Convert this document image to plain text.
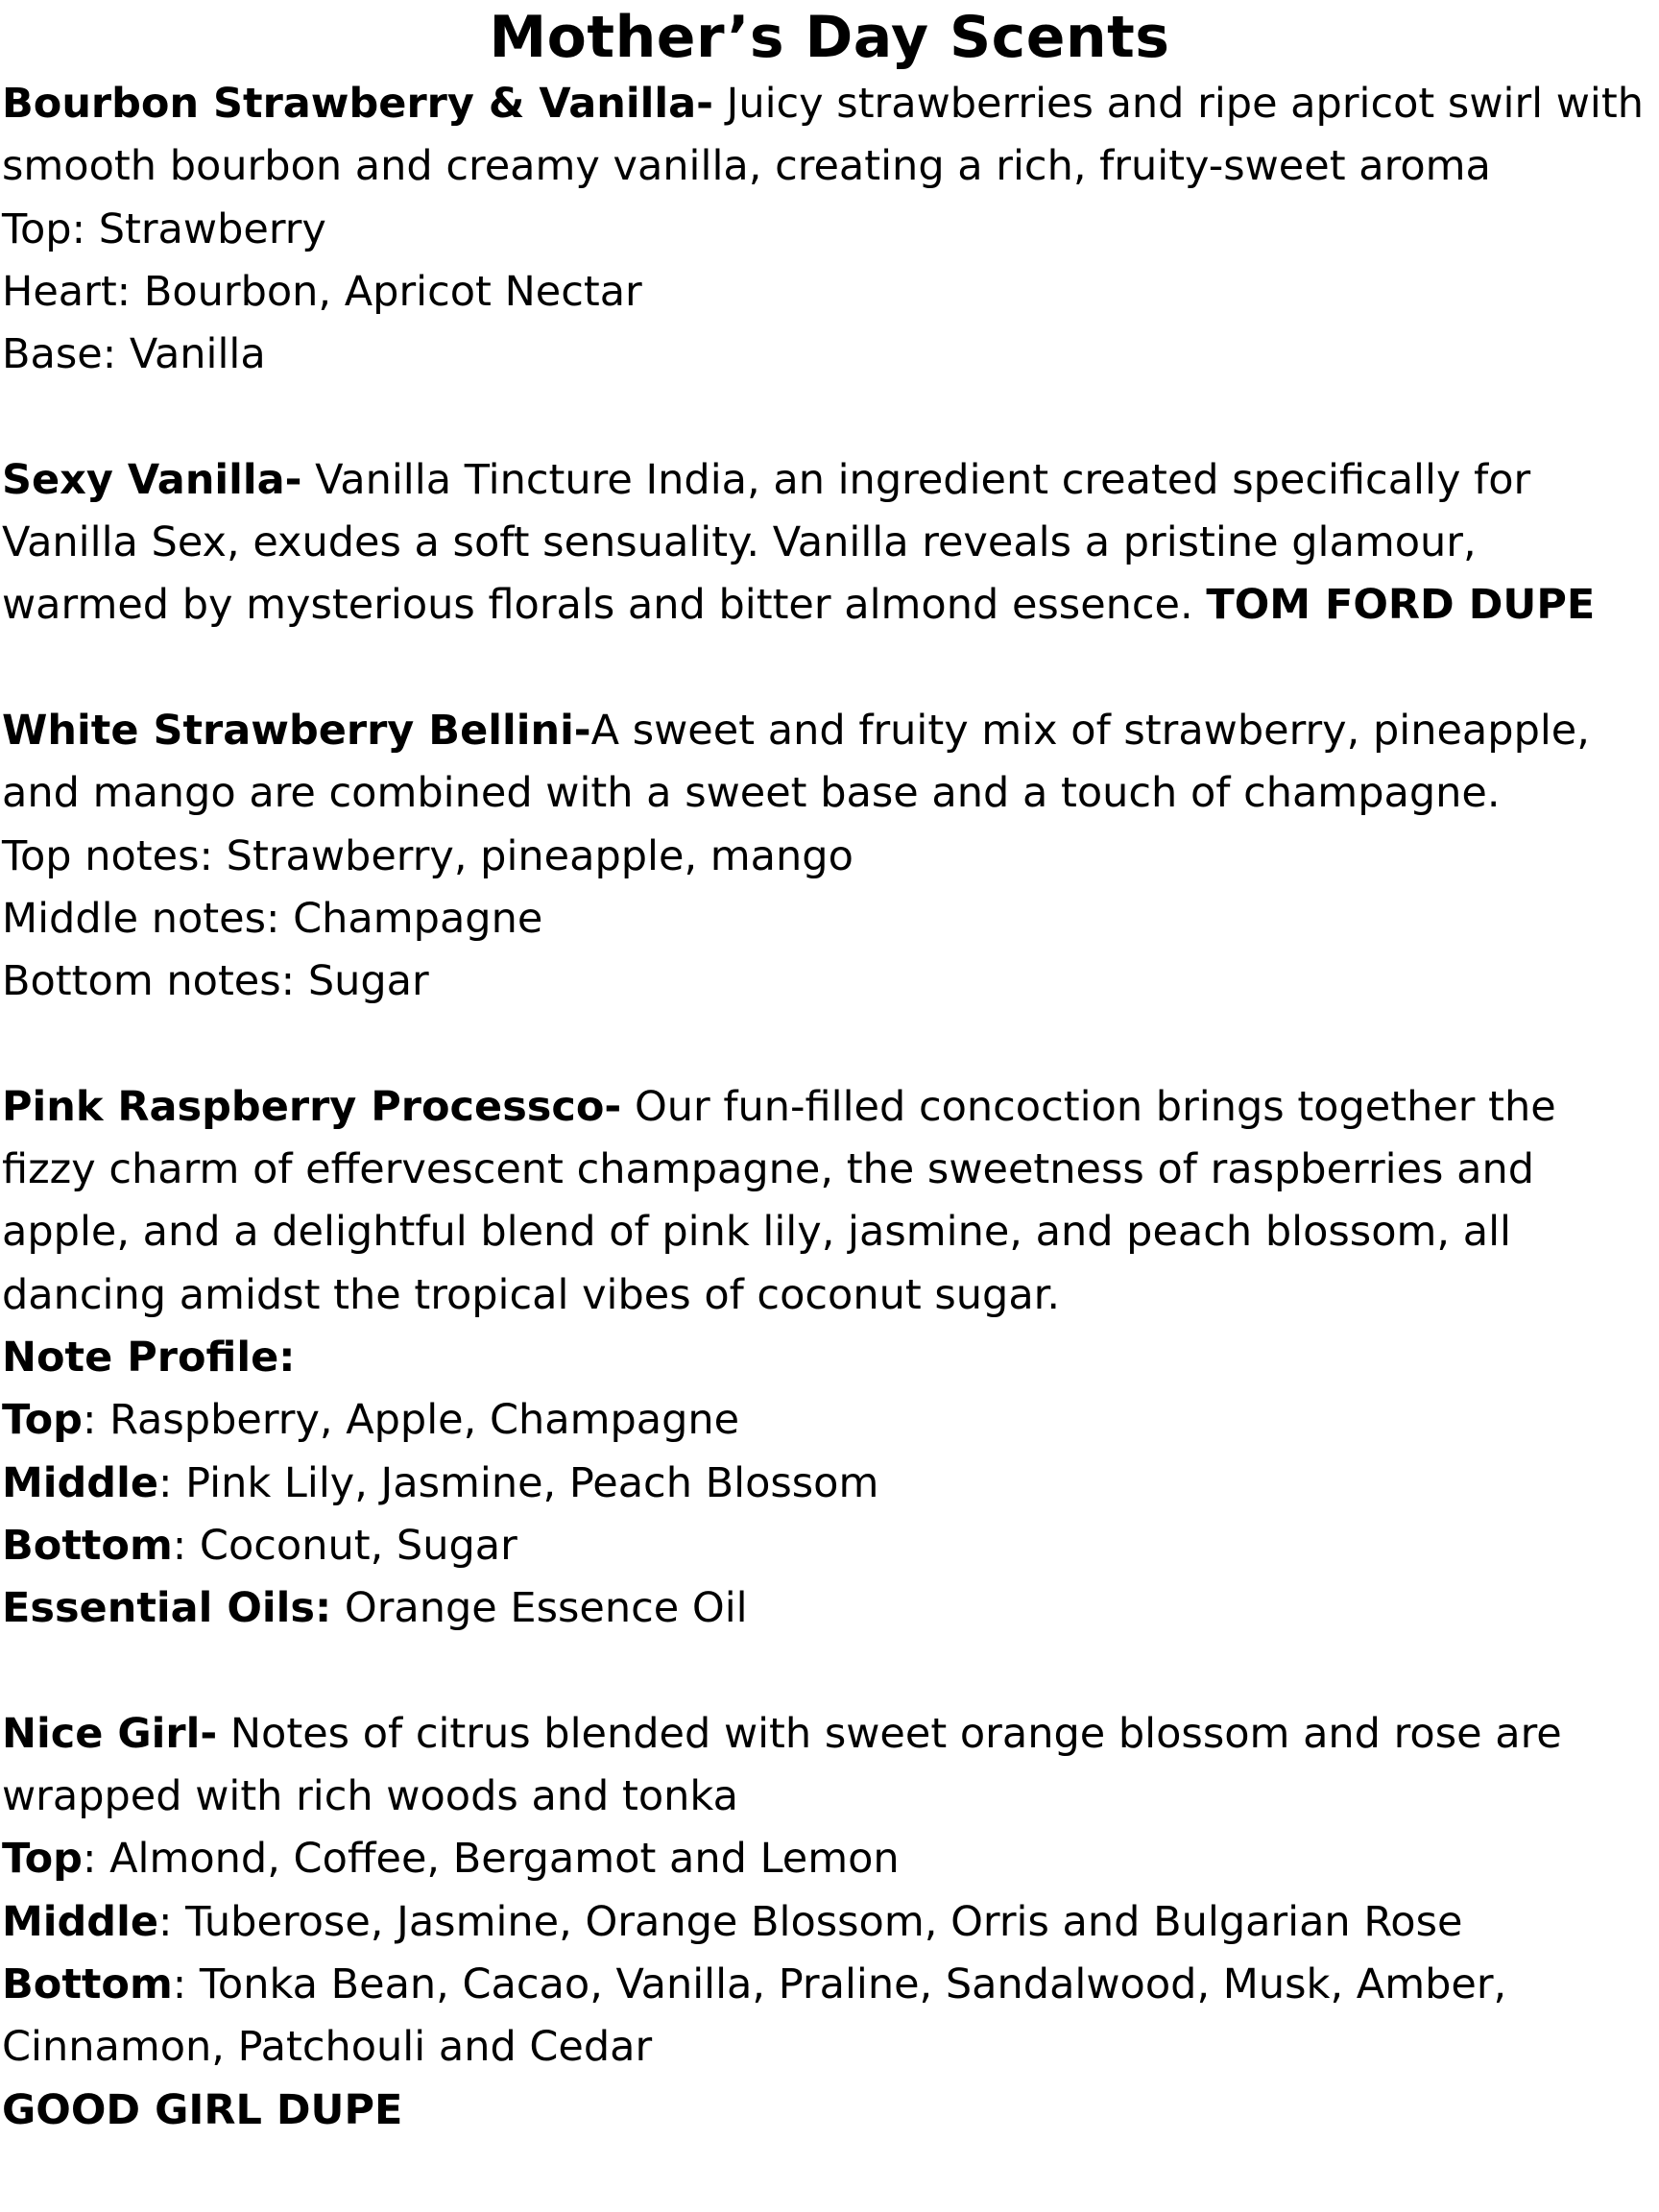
Mother’s Day Scents
Bourbon Strawberry & Vanilla- Juicy strawberries and ripe apricot swirl with
smooth bourbon and creamy vanilla, creating a rich, fruity-sweet aroma
Top: Strawberry
Heart: Bourbon, Apricot Nectar
Base: Vanilla
Sexy Vanilla- Vanilla Tincture India, an ingredient created specifically for
Vanilla Sex, exudes a soft sensuality. Vanilla reveals a pristine glamour,
warmed by mysterious florals and bitter almond essence. TOM FORD DUPE
White Strawberry Bellini-A sweet and fruity mix of strawberry, pineapple,
and mango are combined with a sweet base and a touch of champagne.
Top notes: Strawberry, pineapple, mango
Middle notes: Champagne
Bottom notes: Sugar
Pink Raspberry Processco- Our fun-filled concoction brings together the
fizzy charm of effervescent champagne, the sweetness of raspberries and
apple, and a delightful blend of pink lily, jasmine, and peach blossom, all
dancing amidst the tropical vibes of coconut sugar.
Note Profile:
Top: Raspberry, Apple, Champagne
Middle: Pink Lily, Jasmine, Peach Blossom
Bottom: Coconut, Sugar
Essential Oils: Orange Essence Oil
Nice Girl- Notes of citrus blended with sweet orange blossom and rose are
wrapped with rich woods and tonka
Top: Almond, Coffee, Bergamot and Lemon
Middle: Tuberose, Jasmine, Orange Blossom, Orris and Bulgarian Rose
Bottom: Tonka Bean, Cacao, Vanilla, Praline, Sandalwood, Musk, Amber,
Cinnamon, Patchouli and Cedar
GOOD GIRL DUPE
